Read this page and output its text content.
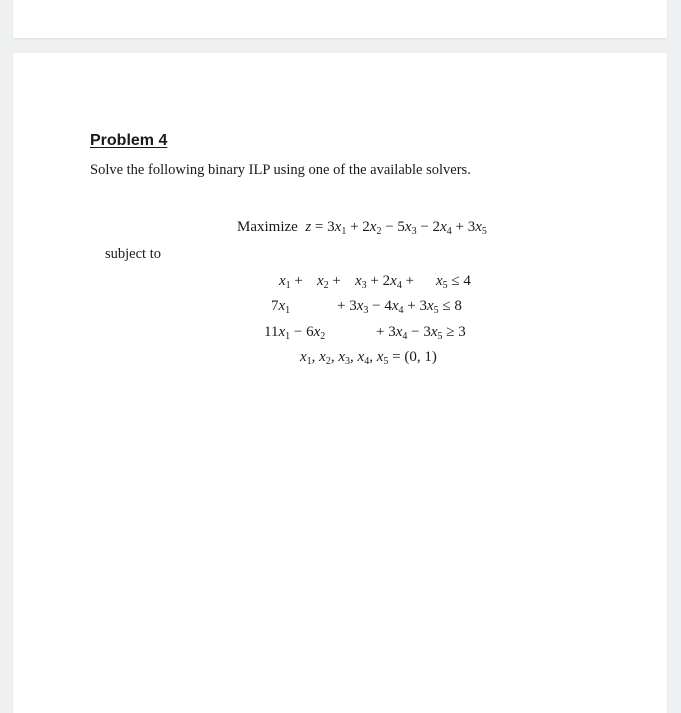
Problem 4
Solve the following binary ILP using one of the available solvers.
Maximize $z = 3x_1 + 2x_2 - 5x_3 - 2x_4 + 3x_5$
subject to
$x_1 + x_2 + x_3 + 2x_4 + x_5 \le 4$
$7x_1$	+ $3x_3 - 4x_4 + 3x_5 \le 8$
$11x_1 - 6x_2$	+ $3x_4 - 3x_5 \ge 3$
$x_1$, $x_2$, $x_3$, $x_4$, $x_5 = (0$, 1)
